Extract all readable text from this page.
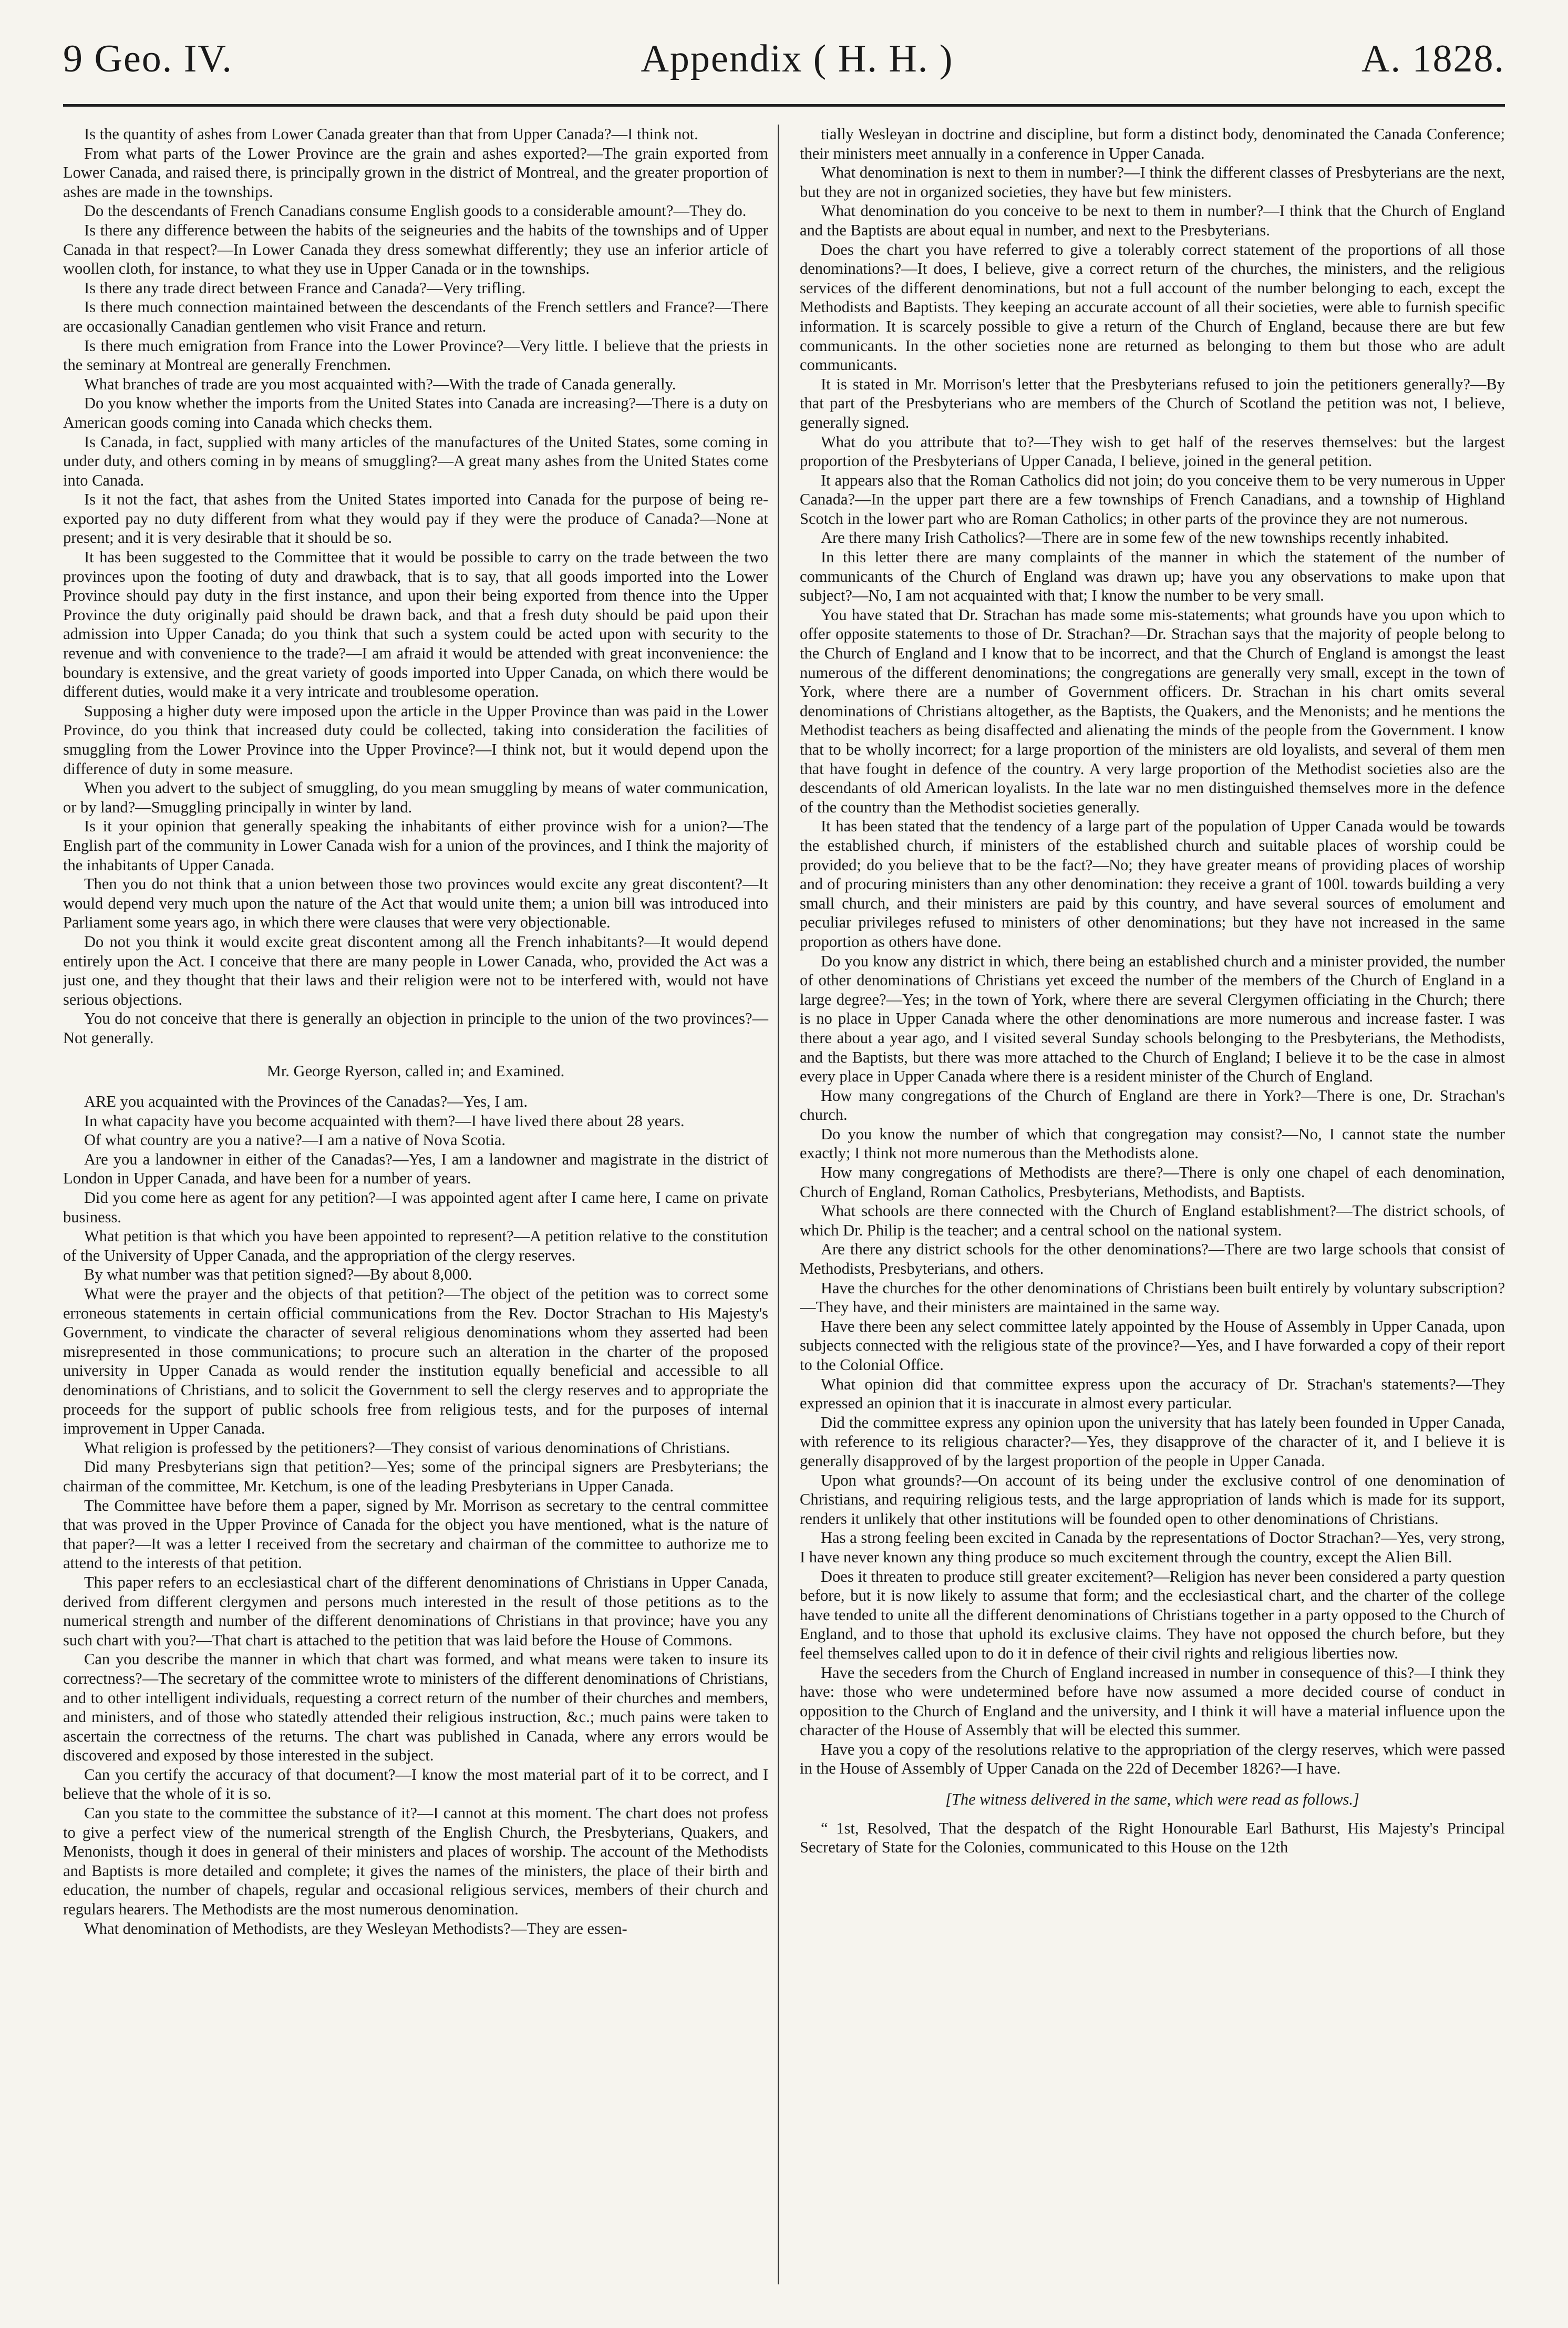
9 Geo. IV.	Appendix ( H. H. )	A. 1828.

Is the quantity of ashes from Lower Canada greater than that from Upper Canada?—I think not.

From what parts of the Lower Province are the grain and ashes exported?—The grain exported from Lower Canada, and raised there, is principally grown in the district of Montreal, and the greater proportion of ashes are made in the townships.

Do the descendants of French Canadians consume English goods to a considerable amount?—They do.

Is there any difference between the habits of the seigneuries and the habits of the townships and of Upper Canada in that respect?—In Lower Canada they dress somewhat differently; they use an inferior article of woollen cloth, for instance, to what they use in Upper Canada or in the townships.

Is there any trade direct between France and Canada?—Very trifling.

Is there much connection maintained between the descendants of the French settlers and France?—There are occasionally Canadian gentlemen who visit France and return.

Is there much emigration from France into the Lower Province?—Very little. I believe that the priests in the seminary at Montreal are generally Frenchmen.

What branches of trade are you most acquainted with?—With the trade of Canada generally.

Do you know whether the imports from the United States into Canada are increasing?—There is a duty on American goods coming into Canada which checks them.

Is Canada, in fact, supplied with many articles of the manufactures of the United States, some coming in under duty, and others coming in by means of smuggling?—A great many ashes from the United States come into Canada.

Is it not the fact, that ashes from the United States imported into Canada for the purpose of being re-exported pay no duty different from what they would pay if they were the produce of Canada?—None at present; and it is very desirable that it should be so.

It has been suggested to the Committee that it would be possible to carry on the trade between the two provinces upon the footing of duty and drawback, that is to say, that all goods imported into the Lower Province should pay duty in the first instance, and upon their being exported from thence into the Upper Province the duty originally paid should be drawn back, and that a fresh duty should be paid upon their admission into Upper Canada; do you think that such a system could be acted upon with security to the revenue and with convenience to the trade?—I am afraid it would be attended with great inconvenience: the boundary is extensive, and the great variety of goods imported into Upper Canada, on which there would be different duties, would make it a very intricate and troublesome operation.

Supposing a higher duty were imposed upon the article in the Upper Province than was paid in the Lower Province, do you think that increased duty could be collected, taking into consideration the facilities of smuggling from the Lower Province into the Upper Province?—I think not, but it would depend upon the difference of duty in some measure.

When you advert to the subject of smuggling, do you mean smuggling by means of water communication, or by land?—Smuggling principally in winter by land.

Is it your opinion that generally speaking the inhabitants of either province wish for a union?—The English part of the community in Lower Canada wish for a union of the provinces, and I think the majority of the inhabitants of Upper Canada.

Then you do not think that a union between those two provinces would excite any great discontent?—It would depend very much upon the nature of the Act that would unite them; a union bill was introduced into Parliament some years ago, in which there were clauses that were very objectionable.

Do not you think it would excite great discontent among all the French inhabitants?—It would depend entirely upon the Act. I conceive that there are many people in Lower Canada, who, provided the Act was a just one, and they thought that their laws and their religion were not to be interfered with, would not have serious objections.

You do not conceive that there is generally an objection in principle to the union of the two provinces?—Not generally.

Mr. George Ryerson, called in; and Examined.

ARE you acquainted with the Provinces of the Canadas?—Yes, I am.

In what capacity have you become acquainted with them?—I have lived there about 28 years.

Of what country are you a native?—I am a native of Nova Scotia.

Are you a landowner in either of the Canadas?—Yes, I am a landowner and magistrate in the district of London in Upper Canada, and have been for a number of years.

Did you come here as agent for any petition?—I was appointed agent after I came here, I came on private business.

What petition is that which you have been appointed to represent?—A petition relative to the constitution of the University of Upper Canada, and the appropriation of the clergy reserves.

By what number was that petition signed?—By about 8,000.

What were the prayer and the objects of that petition?—The object of the petition was to correct some erroneous statements in certain official communications from the Rev. Doctor Strachan to His Majesty's Government, to vindicate the character of several religious denominations whom they asserted had been misrepresented in those communications; to procure such an alteration in the charter of the proposed university in Upper Canada as would render the institution equally beneficial and accessible to all denominations of Christians, and to solicit the Government to sell the clergy reserves and to appropriate the proceeds for the support of public schools free from religious tests, and for the purposes of internal improvement in Upper Canada.

What religion is professed by the petitioners?—They consist of various denominations of Christians.

Did many Presbyterians sign that petition?—Yes; some of the principal signers are Presbyterians; the chairman of the committee, Mr. Ketchum, is one of the leading Presbyterians in Upper Canada.

The Committee have before them a paper, signed by Mr. Morrison as secretary to the central committee that was proved in the Upper Province of Canada for the object you have mentioned, what is the nature of that paper?—It was a letter I received from the secretary and chairman of the committee to authorize me to attend to the interests of that petition.

This paper refers to an ecclesiastical chart of the different denominations of Christians in Upper Canada, derived from different clergymen and persons much interested in the result of those petitions as to the numerical strength and number of the different denominations of Christians in that province; have you any such chart with you?—That chart is attached to the petition that was laid before the House of Commons.

Can you describe the manner in which that chart was formed, and what means were taken to insure its correctness?—The secretary of the committee wrote to ministers of the different denominations of Christians, and to other intelligent individuals, requesting a correct return of the number of their churches and members, and ministers, and of those who statedly attended their religious instruction, &c.; much pains were taken to ascertain the correctness of the returns. The chart was published in Canada, where any errors would be discovered and exposed by those interested in the subject.

Can you certify the accuracy of that document?—I know the most material part of it to be correct, and I believe that the whole of it is so.

Can you state to the committee the substance of it?—I cannot at this moment. The chart does not profess to give a perfect view of the numerical strength of the English Church, the Presbyterians, Quakers, and Menonists, though it does in general of their ministers and places of worship. The account of the Methodists and Baptists is more detailed and complete; it gives the names of the ministers, the place of their birth and education, the number of chapels, regular and occasional religious services, members of their church and regulars hearers. The Methodists are the most numerous denomination.

What denomination of Methodists, are they Wesleyan Methodists?—They are essen-

tially Wesleyan in doctrine and discipline, but form a distinct body, denominated the Canada Conference; their ministers meet annually in a conference in Upper Canada.

What denomination is next to them in number?—I think the different classes of Presbyterians are the next, but they are not in organized societies, they have but few ministers.

What denomination do you conceive to be next to them in number?—I think that the Church of England and the Baptists are about equal in number, and next to the Presbyterians.

Does the chart you have referred to give a tolerably correct statement of the proportions of all those denominations?—It does, I believe, give a correct return of the churches, the ministers, and the religious services of the different denominations, but not a full account of the number belonging to each, except the Methodists and Baptists. They keeping an accurate account of all their societies, were able to furnish specific information. It is scarcely possible to give a return of the Church of England, because there are but few communicants. In the other societies none are returned as belonging to them but those who are adult communicants.

It is stated in Mr. Morrison's letter that the Presbyterians refused to join the petitioners generally?—By that part of the Presbyterians who are members of the Church of Scotland the petition was not, I believe, generally signed.

What do you attribute that to?—They wish to get half of the reserves themselves: but the largest proportion of the Presbyterians of Upper Canada, I believe, joined in the general petition.

It appears also that the Roman Catholics did not join; do you conceive them to be very numerous in Upper Canada?—In the upper part there are a few townships of French Canadians, and a township of Highland Scotch in the lower part who are Roman Catholics; in other parts of the province they are not numerous.

Are there many Irish Catholics?—There are in some few of the new townships recently inhabited.

In this letter there are many complaints of the manner in which the statement of the number of communicants of the Church of England was drawn up; have you any observations to make upon that subject?—No, I am not acquainted with that; I know the number to be very small.

You have stated that Dr. Strachan has made some mis-statements; what grounds have you upon which to offer opposite statements to those of Dr. Strachan?—Dr. Strachan says that the majority of people belong to the Church of England and I know that to be incorrect, and that the Church of England is amongst the least numerous of the different denominations; the congregations are generally very small, except in the town of York, where there are a number of Government officers. Dr. Strachan in his chart omits several denominations of Christians altogether, as the Baptists, the Quakers, and the Menonists; and he mentions the Methodist teachers as being disaffected and alienating the minds of the people from the Government. I know that to be wholly incorrect; for a large proportion of the ministers are old loyalists, and several of them men that have fought in defence of the country. A very large proportion of the Methodist societies also are the descendants of old American loyalists. In the late war no men distinguished themselves more in the defence of the country than the Methodist societies generally.

It has been stated that the tendency of a large part of the population of Upper Canada would be towards the established church, if ministers of the established church and suitable places of worship could be provided; do you believe that to be the fact?—No; they have greater means of providing places of worship and of procuring ministers than any other denomination: they receive a grant of 100l. towards building a very small church, and their ministers are paid by this country, and have several sources of emolument and peculiar privileges refused to ministers of other denominations; but they have not increased in the same proportion as others have done.

Do you know any district in which, there being an established church and a minister provided, the number of other denominations of Christians yet exceed the number of the members of the Church of England in a large degree?—Yes; in the town of York, where there are several Clergymen officiating in the Church; there is no place in Upper Canada where the other denominations are more numerous and increase faster. I was there about a year ago, and I visited several Sunday schools belonging to the Presbyterians, the Methodists, and the Baptists, but there was more attached to the Church of England; I believe it to be the case in almost every place in Upper Canada where there is a resident minister of the Church of England.

How many congregations of the Church of England are there in York?—There is one, Dr. Strachan's church.

Do you know the number of which that congregation may consist?—No, I cannot state the number exactly; I think not more numerous than the Methodists alone.

How many congregations of Methodists are there?—There is only one chapel of each denomination, Church of England, Roman Catholics, Presbyterians, Methodists, and Baptists.

What schools are there connected with the Church of England establishment?—The district schools, of which Dr. Philip is the teacher; and a central school on the national system.

Are there any district schools for the other denominations?—There are two large schools that consist of Methodists, Presbyterians, and others.

Have the churches for the other denominations of Christians been built entirely by voluntary subscription?—They have, and their ministers are maintained in the same way.

Have there been any select committee lately appointed by the House of Assembly in Upper Canada, upon subjects connected with the religious state of the province?—Yes, and I have forwarded a copy of their report to the Colonial Office.

What opinion did that committee express upon the accuracy of Dr. Strachan's statements?—They expressed an opinion that it is inaccurate in almost every particular.

Did the committee express any opinion upon the university that has lately been founded in Upper Canada, with reference to its religious character?—Yes, they disapprove of the character of it, and I believe it is generally disapproved of by the largest proportion of the people in Upper Canada.

Upon what grounds?—On account of its being under the exclusive control of one denomination of Christians, and requiring religious tests, and the large appropriation of lands which is made for its support, renders it unlikely that other institutions will be founded open to other denominations of Christians.

Has a strong feeling been excited in Canada by the representations of Doctor Strachan?—Yes, very strong, I have never known any thing produce so much excitement through the country, except the Alien Bill.

Does it threaten to produce still greater excitement?—Religion has never been considered a party question before, but it is now likely to assume that form; and the ecclesiastical chart, and the charter of the college have tended to unite all the different denominations of Christians together in a party opposed to the Church of England, and to those that uphold its exclusive claims. They have not opposed the church before, but they feel themselves called upon to do it in defence of their civil rights and religious liberties now.

Have the seceders from the Church of England increased in number in consequence of this?—I think they have: those who were undetermined before have now assumed a more decided course of conduct in opposition to the Church of England and the university, and I think it will have a material influence upon the character of the House of Assembly that will be elected this summer.

Have you a copy of the resolutions relative to the appropriation of the clergy reserves, which were passed in the House of Assembly of Upper Canada on the 22d of December 1826?—I have.

[The witness delivered in the same, which were read as follows.]

“ 1st, Resolved, That the despatch of the Right Honourable Earl Bathurst, His Majesty's Principal Secretary of State for the Colonies, communicated to this House on the 12th
